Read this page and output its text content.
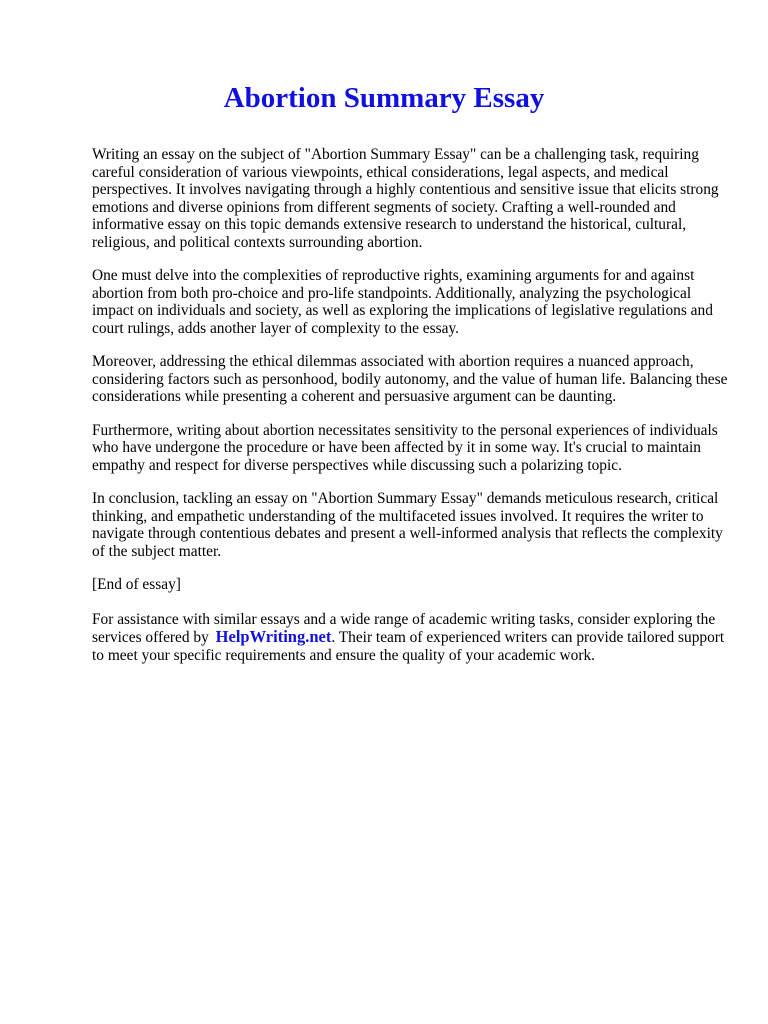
Abortion Summary Essay

Writing an essay on the subject of "Abortion Summary Essay" can be a challenging task, requiring careful consideration of various viewpoints, ethical considerations, legal aspects, and medical perspectives. It involves navigating through a highly contentious and sensitive issue that elicits strong emotions and diverse opinions from different segments of society. Crafting a well-rounded and informative essay on this topic demands extensive research to understand the historical, cultural, religious, and political contexts surrounding abortion.

One must delve into the complexities of reproductive rights, examining arguments for and against abortion from both pro-choice and pro-life standpoints. Additionally, analyzing the psychological impact on individuals and society, as well as exploring the implications of legislative regulations and court rulings, adds another layer of complexity to the essay.

Moreover, addressing the ethical dilemmas associated with abortion requires a nuanced approach, considering factors such as personhood, bodily autonomy, and the value of human life. Balancing these considerations while presenting a coherent and persuasive argument can be daunting.

Furthermore, writing about abortion necessitates sensitivity to the personal experiences of individuals who have undergone the procedure or have been affected by it in some way. It's crucial to maintain empathy and respect for diverse perspectives while discussing such a polarizing topic.

In conclusion, tackling an essay on "Abortion Summary Essay" demands meticulous research, critical thinking, and empathetic understanding of the multifaceted issues involved. It requires the writer to navigate through contentious debates and present a well-informed analysis that reflects the complexity of the subject matter.

[End of essay]

For assistance with similar essays and a wide range of academic writing tasks, consider exploring the services offered by HelpWriting.net. Their team of experienced writers can provide tailored support to meet your specific requirements and ensure the quality of your academic work.
